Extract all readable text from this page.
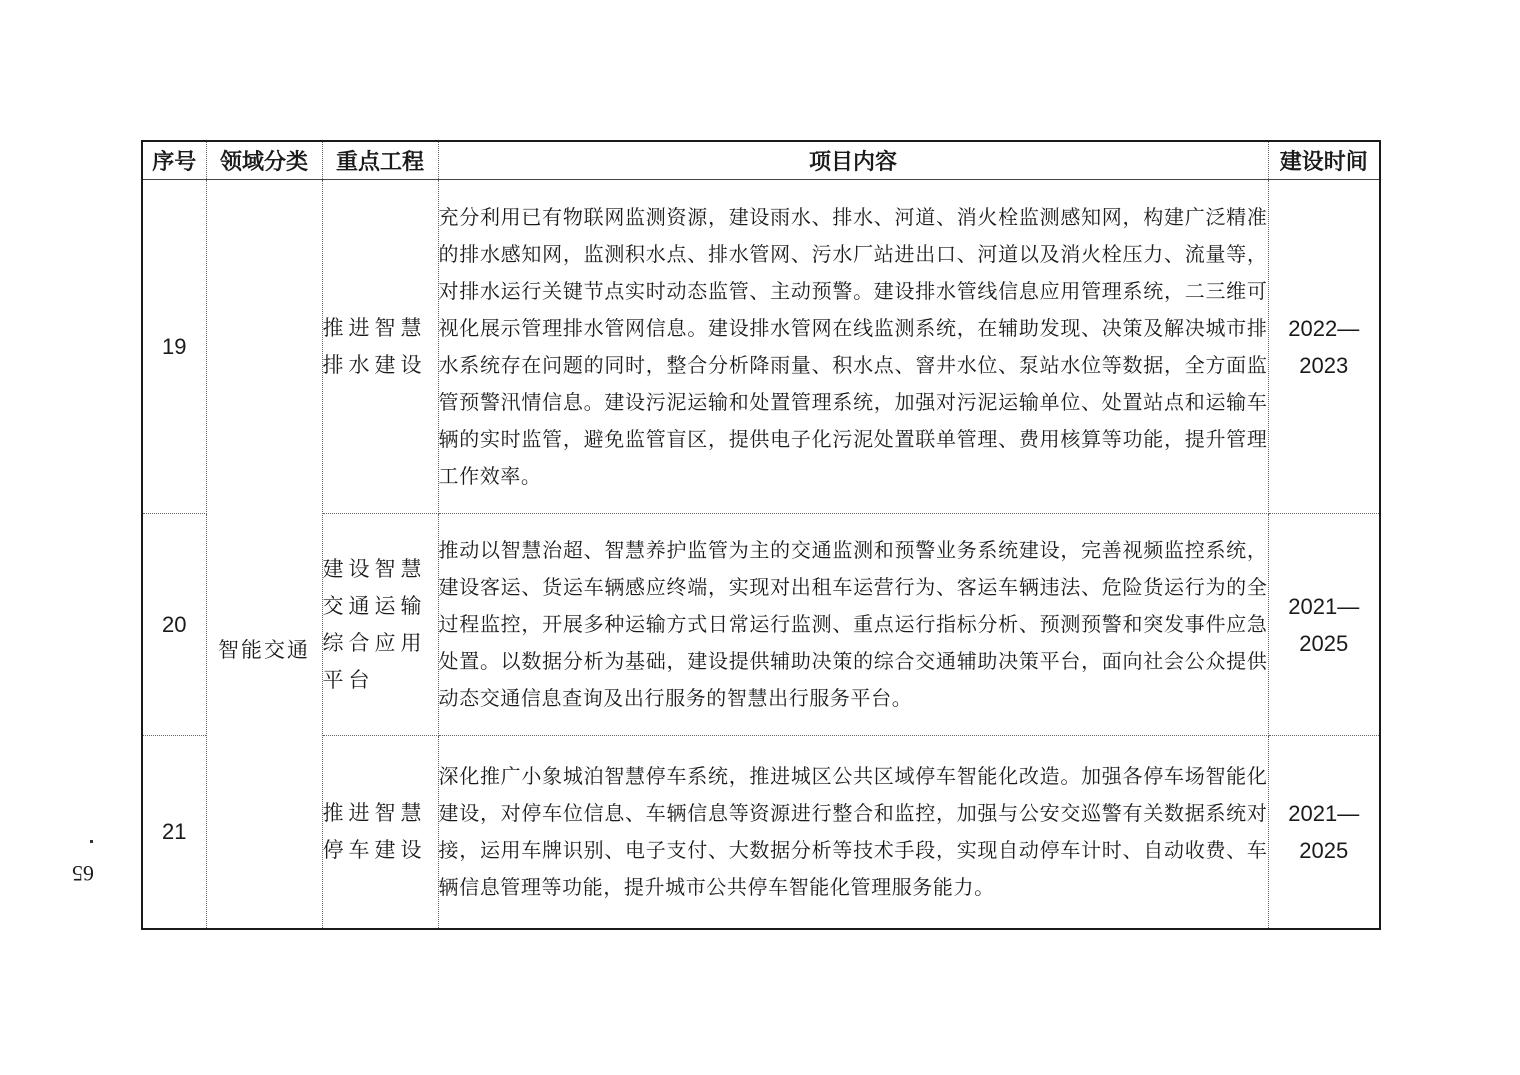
65
序号	领域分类	重点工程	项目内容	建设时间
19	智能交通	推进智慧排水建设	充分利用已有物联网监测资源，建设雨水、排水、河道、消火栓监测感知网，构建广泛精准的排水感知网，监测积水点、排水管网、污水厂站进出口、河道以及消火栓压力、流量等，对排水运行关键节点实时动态监管、主动预警。建设排水管线信息应用管理系统，二三维可视化展示管理排水管网信息。建设排水管网在线监测系统，在辅助发现、决策及解决城市排水系统存在问题的同时，整合分析降雨量、积水点、窨井水位、泵站水位等数据，全方面监管预警汛情信息。建设污泥运输和处置管理系统，加强对污泥运输单位、处置站点和运输车辆的实时监管，避免监管盲区，提供电子化污泥处置联单管理、费用核算等功能，提升管理工作效率。	2022—
2023

20		建设智慧交通运输综合应用平台	推动以智慧治超、智慧养护监管为主的交通监测和预警业务系统建设，完善视频监控系统，建设客运、货运车辆感应终端，实现对出租车运营行为、客运车辆违法、危险货运行为的全过程监控，开展多种运输方式日常运行监测、重点运行指标分析、预测预警和突发事件应急处置。以数据分析为基础，建设提供辅助决策的综合交通辅助决策平台，面向社会公众提供动态交通信息查询及出行服务的智慧出行服务平台。	2021—
2025

21		推进智慧停车建设	深化推广小象城泊智慧停车系统，推进城区公共区域停车智能化改造。加强各停车场智能化建设，对停车位信息、车辆信息等资源进行整合和监控，加强与公安交巡警有关数据系统对接，运用车牌识别、电子支付、大数据分析等技术手段，实现自动停车计时、自动收费、车辆信息管理等功能，提升城市公共停车智能化管理服务能力。	2021—
2025
